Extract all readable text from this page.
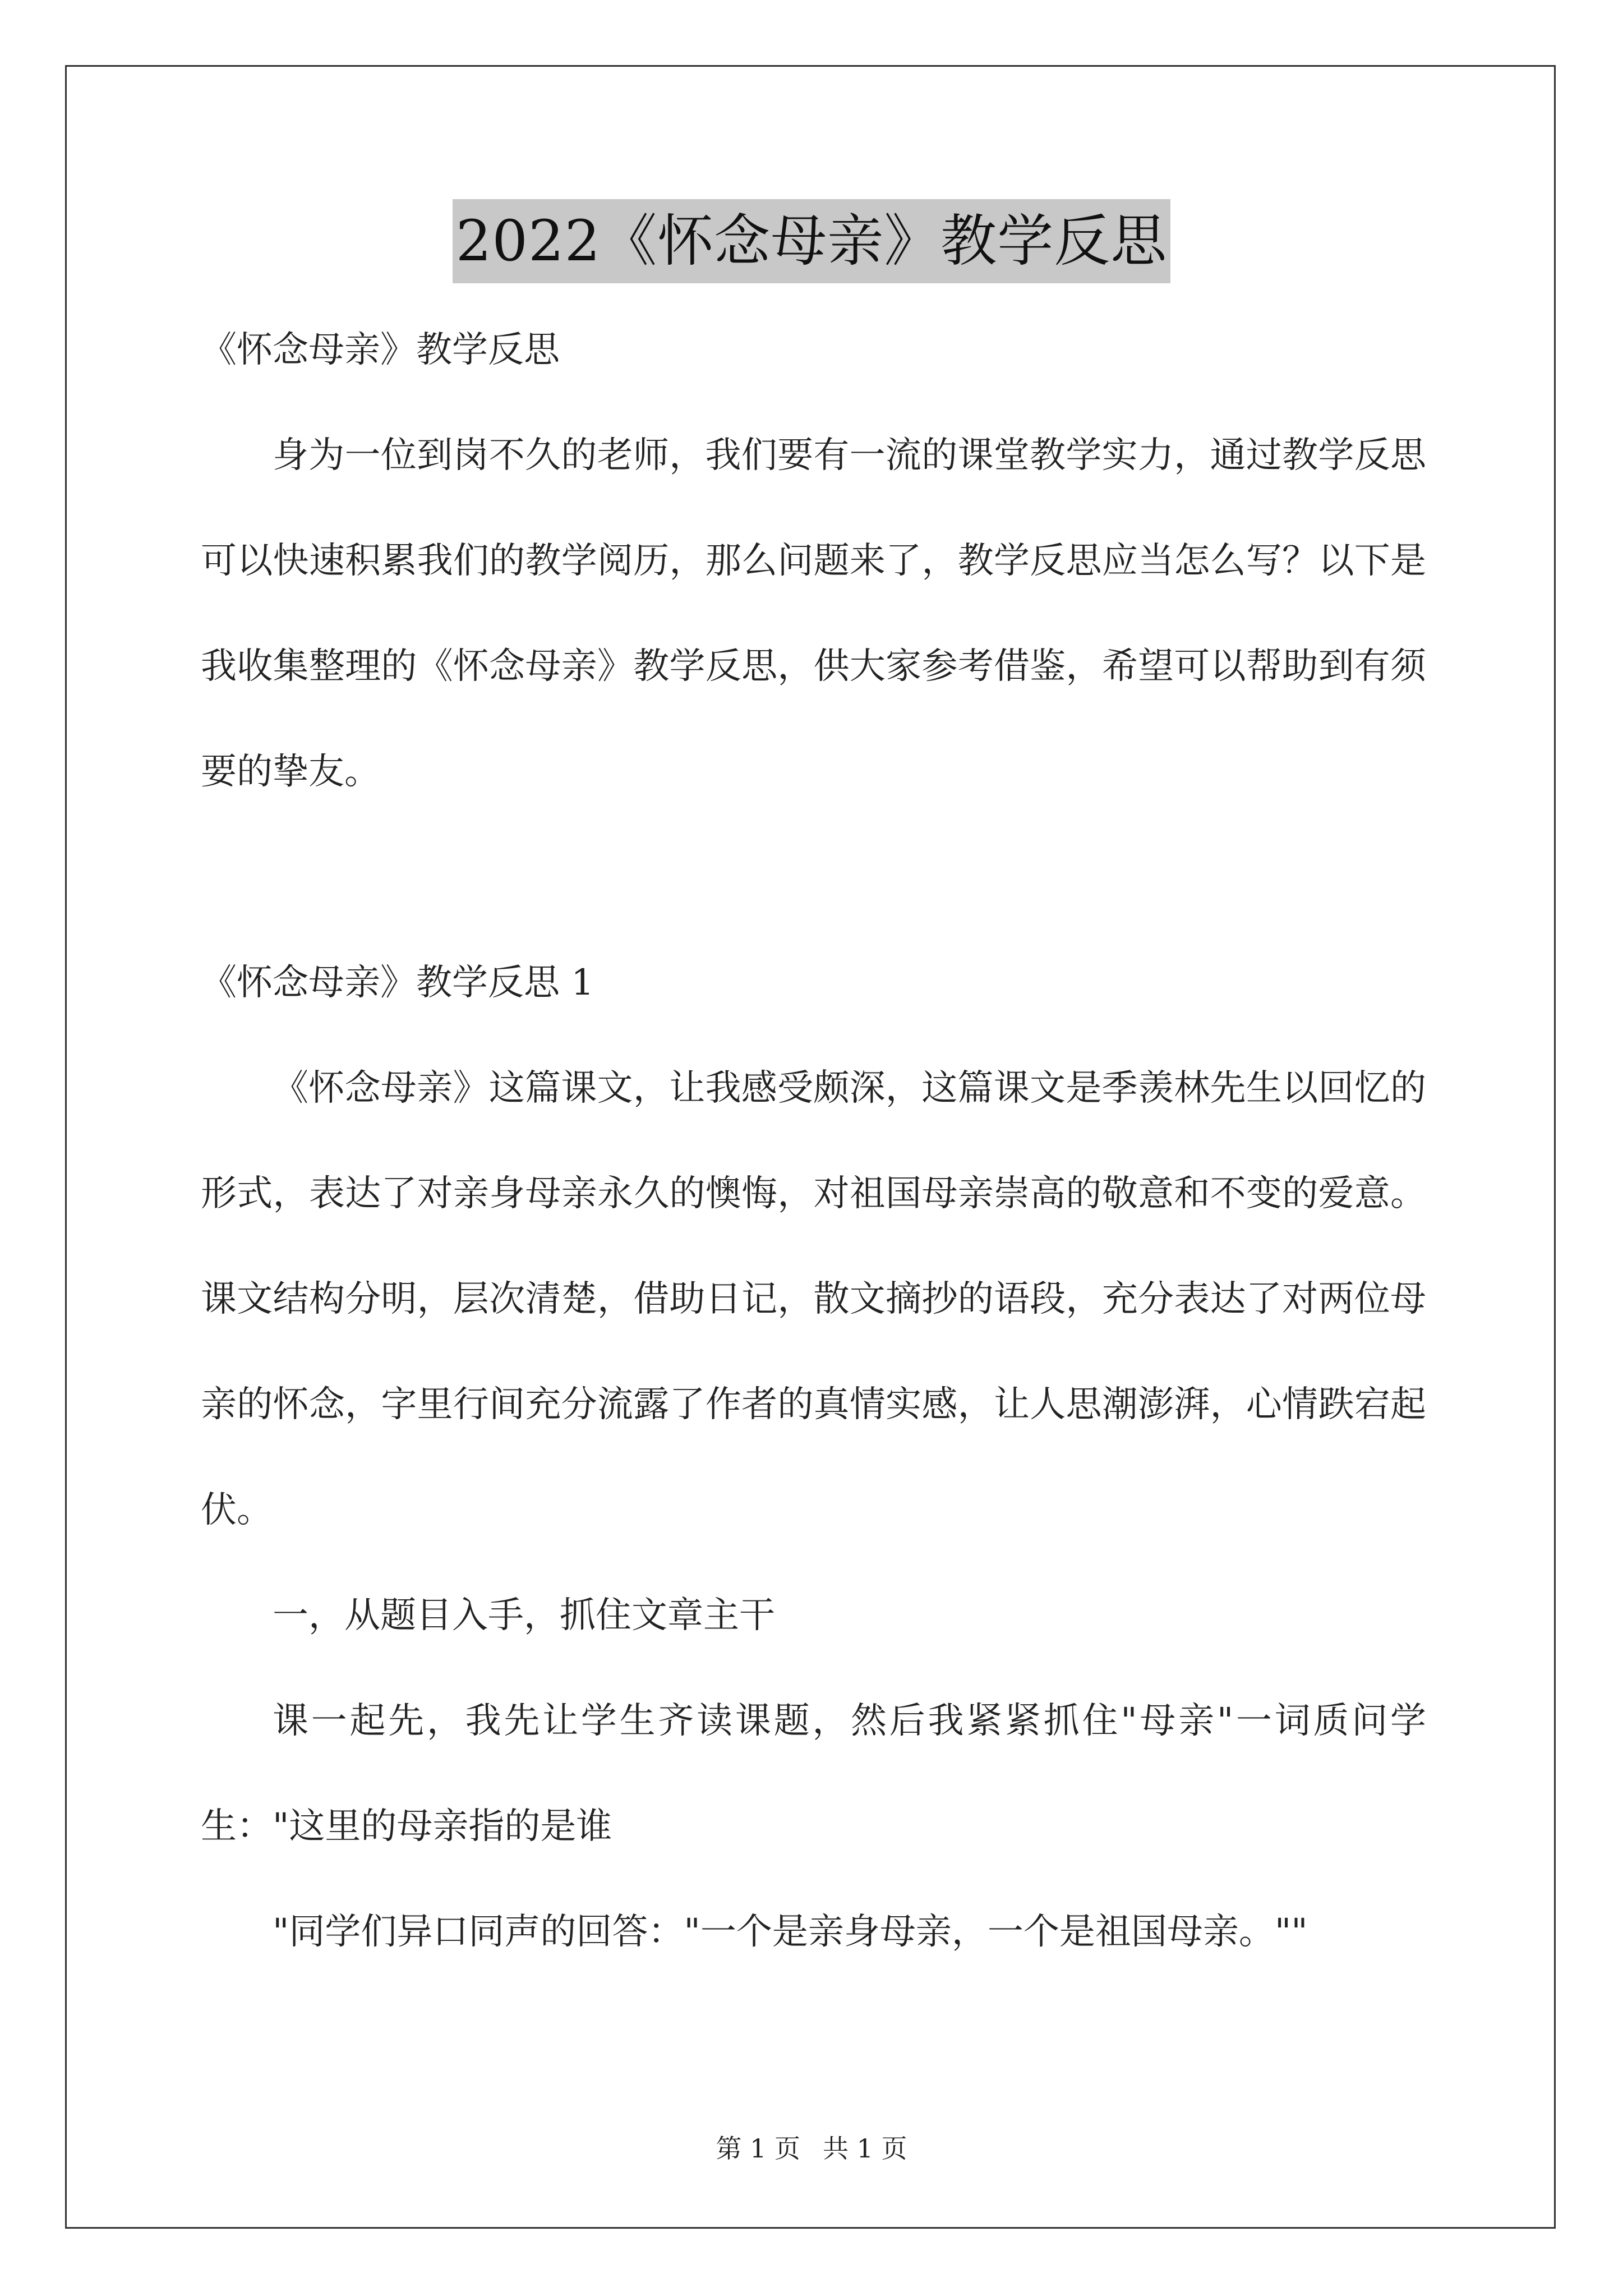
2022《怀念母亲》教学反思

《怀念母亲》教学反思

身为一位到岗不久的老师，我们要有一流的课堂教学实力，通过教学反思可以快速积累我们的教学阅历，那么问题来了，教学反思应当怎么写？以下是我收集整理的《怀念母亲》教学反思，供大家参考借鉴，希望可以帮助到有须要的挚友。

《怀念母亲》教学反思 1

《怀念母亲》这篇课文，让我感受颇深，这篇课文是季羡林先生以回忆的形式，表达了对亲身母亲永久的懊悔，对祖国母亲崇高的敬意和不变的爱意。课文结构分明，层次清楚，借助日记，散文摘抄的语段，充分表达了对两位母亲的怀念，字里行间充分流露了作者的真情实感，让人思潮澎湃，心情跌宕起伏。

一，从题目入手，抓住文章主干

课一起先，我先让学生齐读课题，然后我紧紧抓住"母亲"一词质问学生："这里的母亲指的是谁

"同学们异口同声的回答："一个是亲身母亲，一个是祖国母亲。""

第 1 页 共 1 页
